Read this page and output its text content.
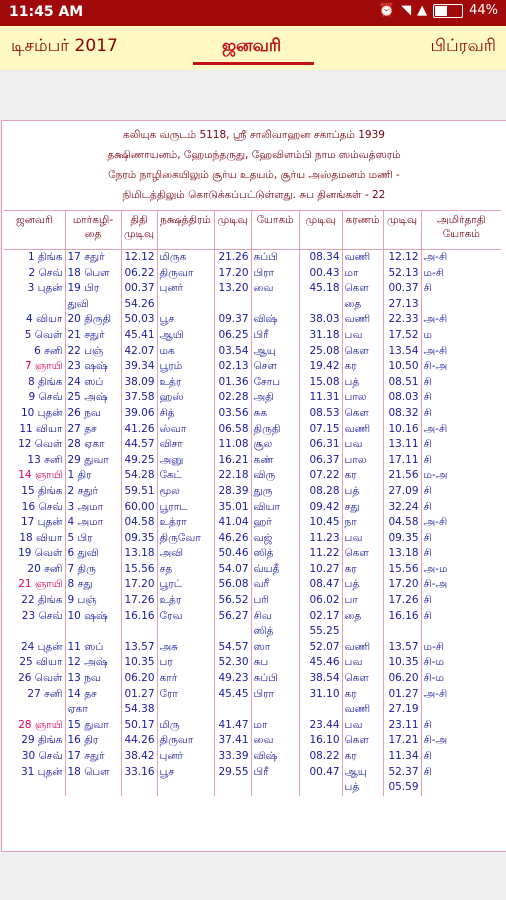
11:45 AM	⏰ ◥ ▲	44%
டிசம்பர் 2017	ஜனவரி	பிப்ரவரி
கலியுக வருடம் 5118, ஸ்ரீ சாலிவாஹன சகாப்தம் 1939
தக்ஷிணாயனம், ஹேமந்தருது, ஹேவிளம்பி நாம ஸம்வத்ஸரம்
நேரம் நாழிகையிலும் சூர்ய உதயம், சூர்ய அஸ்தமனம் மணி -
நிமிடத்திலும் கொடுக்கப்பட்டுள்ளது. சுப தினங்கள் - 22
ஜனவரி	மார்கழி-
தை	திதி
முடிவு	நக்ஷத்திரம்	முடிவு	யோகம்	முடிவு	கரணம்	முடிவு	அமிர்தாதி
யோகம்
1 திங்க	17 சதுர்	12.12	மிருக	21.26	சுப்பி	08.34	வணி	12.12	அ-சி
2 செவ்	18 பௌ	06.22	திருவா	17.20	பிரா	00.43	மா	52.13	ம-சி
3 புதன்	19 பிர	00.37	புனர்	13.20	வை	45.18	கௌ	00.37	சி
	துவி	54.26					தை	27.13	
4 வியா	20 திருதி	50.03	பூச	09.37	விஷ்	38.03	வணி	22.33	அ-சி
5 வெள்	21 சதுர்	45.41	ஆயி	06.25	பிரீ	31.18	பவ	17.52	ம
6 சனி	22 பஞ்	42.07	மக	03.54	ஆயு	25.08	கௌ	13.54	அ-சி
7 ஞாயி	23 ஷஷ்	39.34	பூரம்	02.13	சௌ	19.42	கர	10.50	சி-அ
8 திங்க	24 ஸப்	38.09	உத்ர	01.36	சோப	15.08	பத்	08.51	சி
9 செவ்	25 அஷ்	37.58	ஹஸ்	02.28	அதி	11.31	பால	08.03	சி
10 புதன்	26 நவ	39.06	சித்	03.56	சுக	08.53	கௌ	08.32	சி
11 வியா	27 தச	41.26	ஸ்வா	06.58	திருதி	07.15	வணி	10.16	அ-சி
12 வெள்	28 ஏகா	44.57	விசா	11.08	சூல	06.31	பவ	13.11	சி
13 சனி	29 துவா	49.25	அனு	16.21	கண்	06.37	பால	17.11	சி
14 ஞாயி	1 திர	54.28	கேட்	22.18	விரு	07.22	கர	21.56	ம-அ
15 திங்க	2 சதுர்	59.51	மூல	28.39	துரு	08.28	பத்	27.09	சி
16 செவ்	3 அமா	60.00	பூராட	35.01	வியா	09.42	சது	32.24	சி
17 புதன்	4 அமா	04.58	உத்ரா	41.04	ஹர்	10.45	நா	04.58	அ-சி
18 வியா	5 பிர	09.35	திருவோ	46.26	வஜ்	11.23	பவ	09.35	சி
19 வெள்	6 துவி	13.18	அவி	50.46	ஸித்	11.22	கௌ	13.18	சி
20 சனி	7 திரு	15.56	சத	54.07	வ்யதீ	10.27	கர	15.56	அ-ம
21 ஞாயி	8 சது	17.20	பூரட்	56.08	வரீ	08.47	பத்	17.20	சி-அ
22 திங்க	9 பஞ்	17.26	உத்ர	56.52	பரி	06.02	பா	17.26	சி
23 செவ்	10 ஷஷ்	16.16	ரேவ	56.27	சிவ	02.17	தை	16.16	சி
					ஸித்	55.25			
24 புதன்	11 ஸப்	13.57	அசு	54.57	ஸா	52.07	வணி	13.57	ம-சி
25 வியா	12 அஷ்	10.35	பர	52.30	சுப	45.46	பவ	10.35	சி-ம
26 வெள்	13 நவ	06.20	கார்	49.23	சுப்பி	38.54	கௌ	06.20	சி-ம
27 சனி	14 தச	01.27	ரோ	45.45	பிரா	31.10	கர	01.27	அ-சி
	ஏகா	54.38					வணி	27.19	
28 ஞாயி	15 துவா	50.17	மிரு	41.47	மா	23.44	பவ	23.11	சி
29 திங்க	16 திர	44.26	திருவா	37.41	வை	16.10	கௌ	17.21	சி-அ
30 செவ்	17 சதுர்	38.42	புனர்	33.39	விஷ்	08.22	கர	11.34	சி
31 புதன்	18 பௌ	33.16	பூச	29.55	பிரீ	00.47	ஆயு	52.37	சி
							பத்	05.59	
